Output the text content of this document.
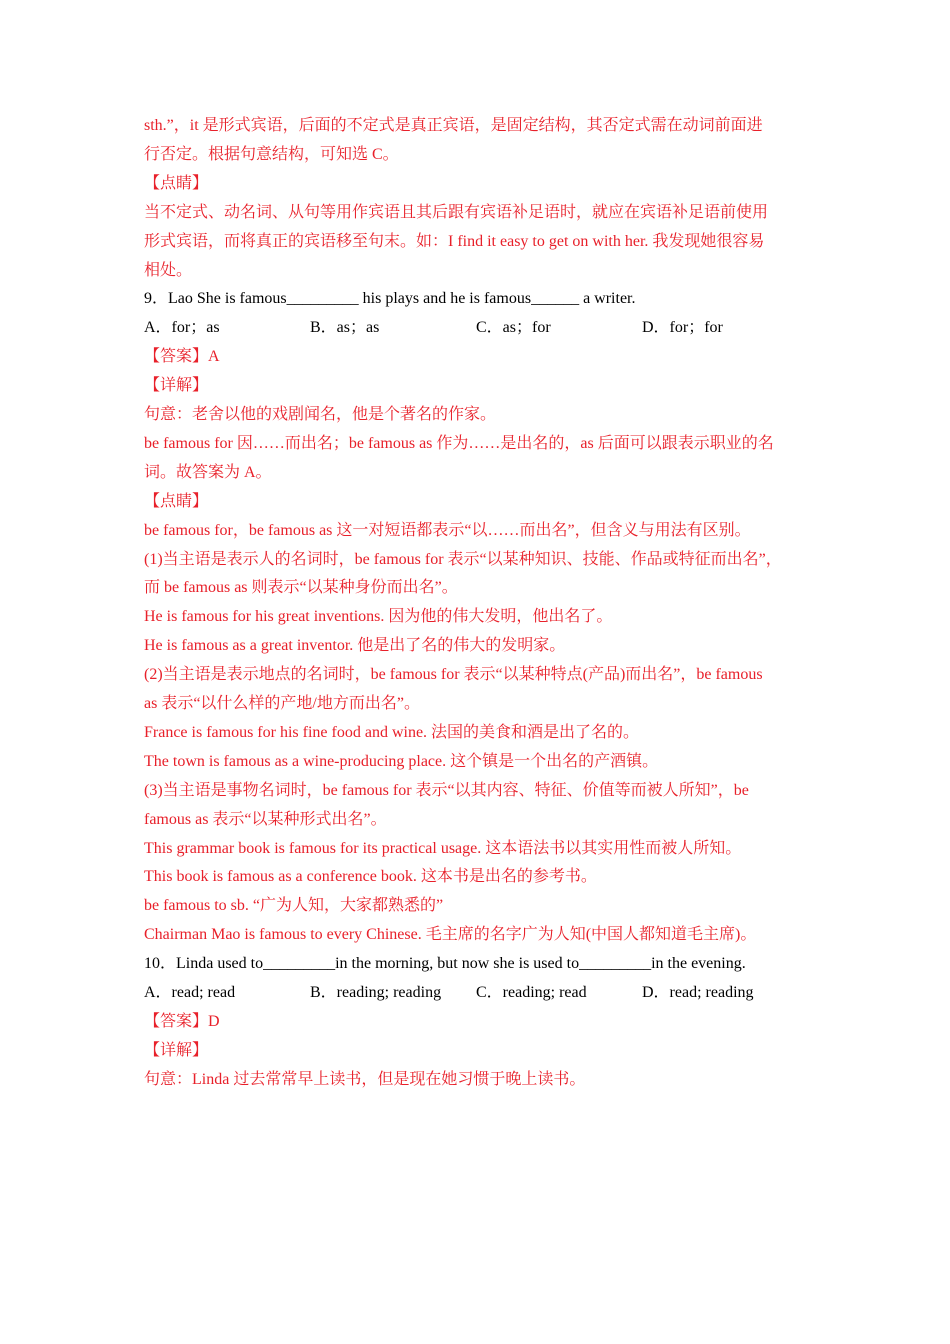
sth.”，it 是形式宾语，后面的不定式是真正宾语，是固定结构，其否定式需在动词前面进
行否定。根据句意结构，可知选 C。
【点睛】
当不定式、动名词、从句等用作宾语且其后跟有宾语补足语时，就应在宾语补足语前使用
形式宾语，而将真正的宾语移至句末。如：I find it easy to get on with her. 我发现她很容易
相处。
9．Lao She is famous_________ his plays and he is famous______ a writer.
A．for；as	B．as；as	C．as；for	D．for；for
【答案】A
【详解】
句意：老舍以他的戏剧闻名，他是个著名的作家。
be famous for 因……而出名；be famous as 作为……是出名的，as 后面可以跟表示职业的名
词。故答案为 A。
【点睛】
be famous for，be famous as 这一对短语都表示“以……而出名”，但含义与用法有区别。
(1)当主语是表示人的名词时，be famous for 表示“以某种知识、技能、作品或特征而出名”，
而 be famous as 则表示“以某种身份而出名”。
He is famous for his great inventions. 因为他的伟大发明，他出名了。
He is famous as a great inventor. 他是出了名的伟大的发明家。
(2)当主语是表示地点的名词时，be famous for 表示“以某种特点(产品)而出名”，be famous
as 表示“以什么样的产地/地方而出名”。
France is famous for his fine food and wine. 法国的美食和酒是出了名的。
The town is famous as a wine-producing place. 这个镇是一个出名的产酒镇。
(3)当主语是事物名词时，be famous for 表示“以其内容、特征、价值等而被人所知”，be
famous as 表示“以某种形式出名”。
This grammar book is famous for its practical usage. 这本语法书以其实用性而被人所知。
This book is famous as a conference book. 这本书是出名的参考书。
be famous to sb. “广为人知，大家都熟悉的”
Chairman Mao is famous to every Chinese. 毛主席的名字广为人知(中国人都知道毛主席)。
10．Linda used to_________in the morning, but now she is used to_________in the evening.
A．read; read	B．reading; reading C．reading; read	D．read; reading
【答案】D
【详解】
句意：Linda 过去常常早上读书，但是现在她习惯于晚上读书。
